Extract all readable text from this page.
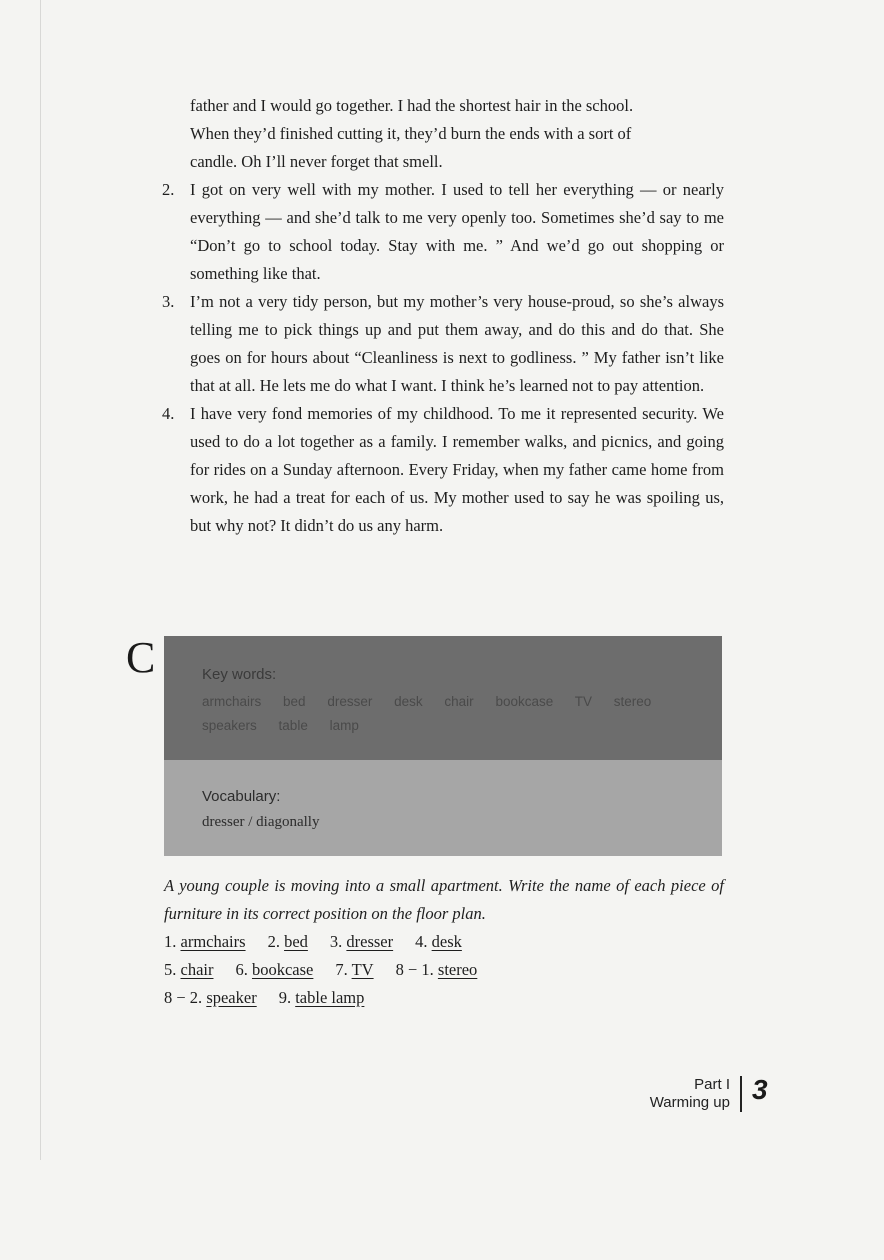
father and I would go together. I had the shortest hair in the school.

When they’d finished cutting it, they’d burn the ends with a sort of

candle. Oh I’ll never forget that smell.

2. I got on very well with my mother. I used to tell her everything — or nearly everything — and she’d talk to me very openly too. Sometimes she’d say to me “Don’t go to school today. Stay with me. ” And we’d go out shopping or something like that.
3. I’m not a very tidy person, but my mother’s very house-proud, so she’s always telling me to pick things up and put them away, and do this and do that. She goes on for hours about “Cleanliness is next to godliness. ” My father isn’t like that at all. He lets me do what I want. I think he’s learned not to pay attention.
4. I have very fond memories of my childhood. To me it represented security. We used to do a lot together as a family. I remember walks, and picnics, and going for rides on a Sunday afternoon. Every Friday, when my father came home from work, he had a treat for each of us. My mother used to say he was spoiling us, but why not? It didn’t do us any harm.
C	Key words:
armchairs bed dresser desk chair bookcase TV stereo speakers table lamp
Vocabulary:
dresser / diagonally
A young couple is moving into a small apartment. Write the name of each piece of furniture in its correct position on the floor plan.
1. armchairs 2. bed 3. dresser 4. desk
5. chair 6. bookcase 7. TV 8 − 1. stereo
8 − 2. speaker 9. table lamp
Part I
Warming up 3
